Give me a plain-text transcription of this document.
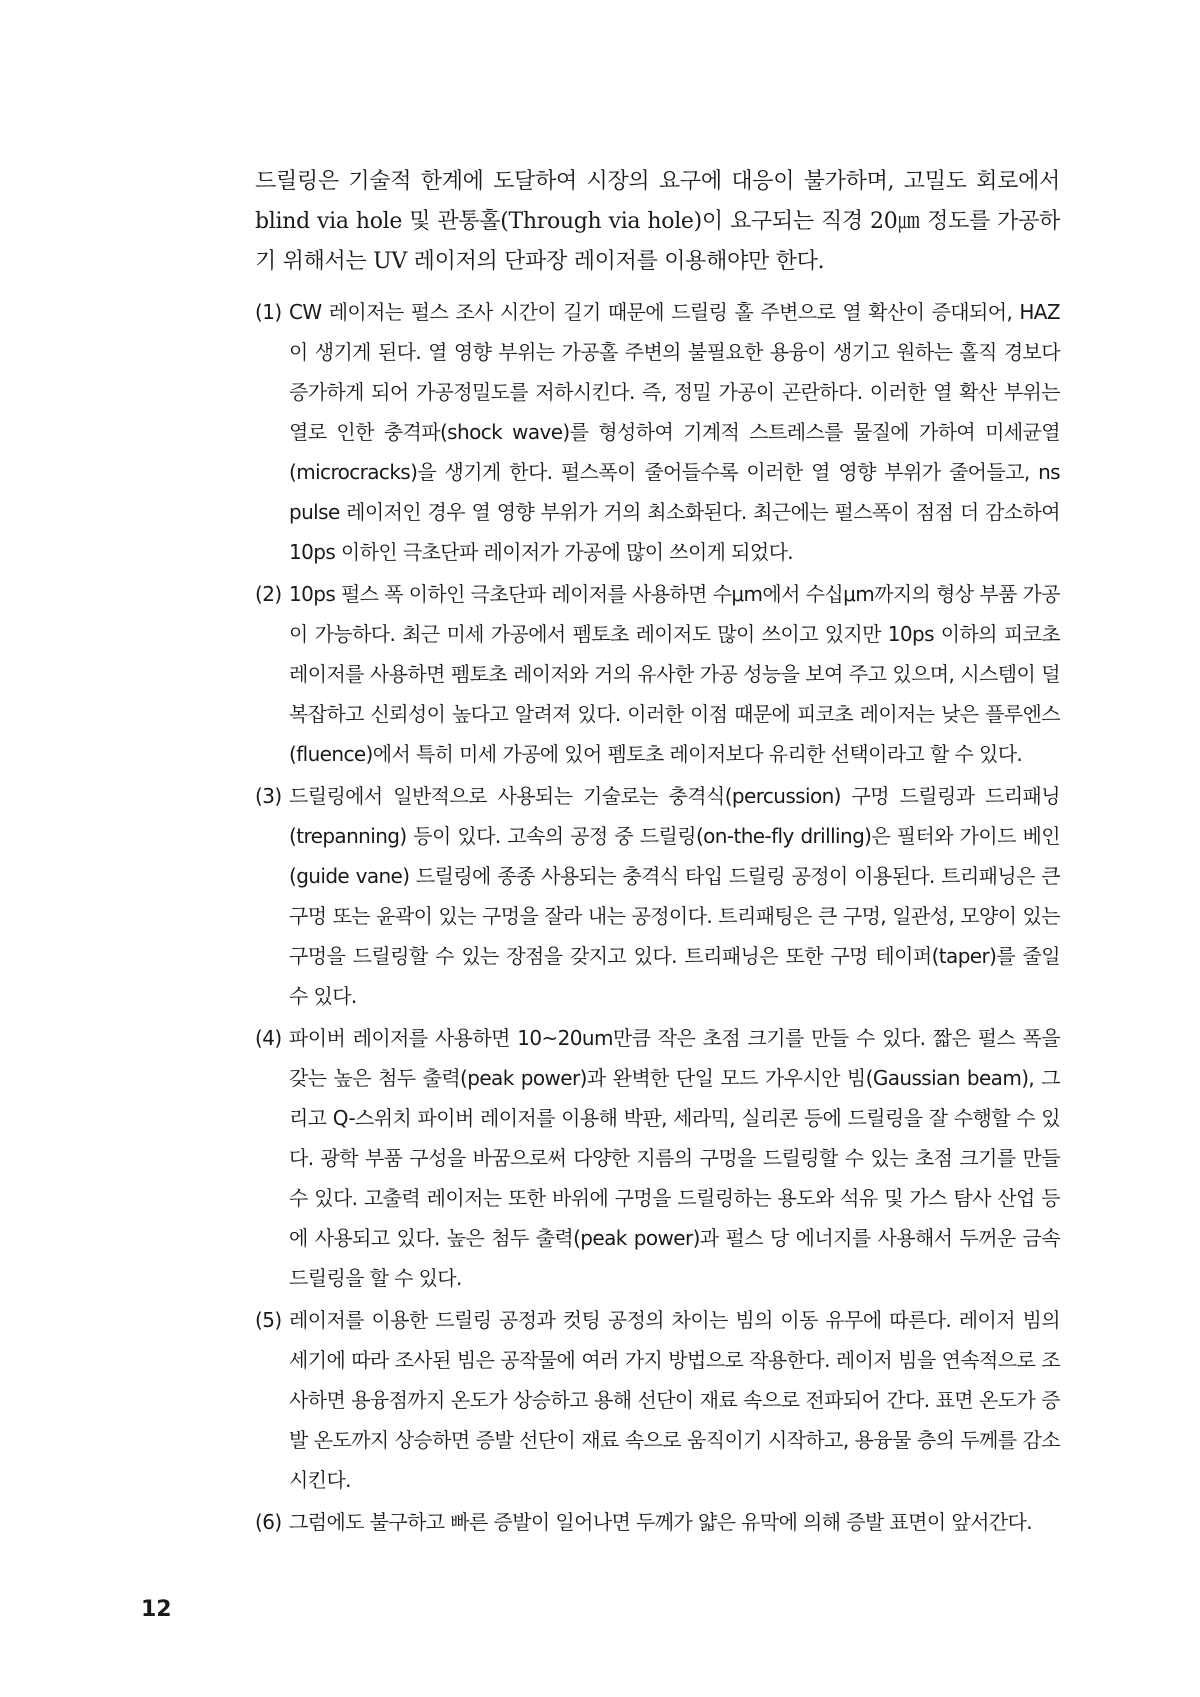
드릴링은 기술적 한계에 도달하여 시장의 요구에 대응이 불가하며, 고밀도 회로에서 blind via hole 및 관통홀(Through via hole)이 요구되는 직경 20㎛ 정도를 가공하기 위해서는 UV 레이저의 단파장 레이저를 이용해야만 한다.

(1) CW 레이저는 펄스 조사 시간이 길기 때문에 드릴링 홀 주변으로 열 확산이 증대되어, HAZ이 생기게 된다. 열 영향 부위는 가공홀 주변의 불필요한 용융이 생기고 원하는 홀직 경보다 증가하게 되어 가공정밀도를 저하시킨다. 즉, 정밀 가공이 곤란하다. 이러한 열 확산 부위는 열로 인한 충격파(shock wave)를 형성하여 기계적 스트레스를 물질에 가하여 미세균열(microcracks)을 생기게 한다. 펄스폭이 줄어들수록 이러한 열 영향 부위가 줄어들고, ns pulse 레이저인 경우 열 영향 부위가 거의 최소화된다. 최근에는 펄스폭이 점점 더 감소하여 10ps 이하인 극초단파 레이저가 가공에 많이 쓰이게 되었다.
(2) 10ps 펄스 폭 이하인 극초단파 레이저를 사용하면 수μm에서 수십μm까지의 형상 부품 가공이 가능하다. 최근 미세 가공에서 펨토초 레이저도 많이 쓰이고 있지만 10ps 이하의 피코초 레이저를 사용하면 펨토초 레이저와 거의 유사한 가공 성능을 보여 주고 있으며, 시스템이 덜 복잡하고 신뢰성이 높다고 알려져 있다. 이러한 이점 때문에 피코초 레이저는 낮은 플루엔스(fluence)에서 특히 미세 가공에 있어 펨토초 레이저보다 유리한 선택이라고 할 수 있다.
(3) 드릴링에서 일반적으로 사용되는 기술로는 충격식(percussion) 구멍 드릴링과 드리패닝(trepanning) 등이 있다. 고속의 공정 중 드릴링(on-the-fly drilling)은 필터와 가이드 베인(guide vane) 드릴링에 종종 사용되는 충격식 타입 드릴링 공정이 이용된다. 트리패닝은 큰 구멍 또는 윤곽이 있는 구멍을 잘라 내는 공정이다. 트리패팅은 큰 구멍, 일관성, 모양이 있는 구멍을 드릴링할 수 있는 장점을 갖지고 있다. 트리패닝은 또한 구멍 테이퍼(taper)를 줄일 수 있다.
(4) 파이버 레이저를 사용하면 10~20um만큼 작은 초점 크기를 만들 수 있다. 짧은 펄스 폭을 갖는 높은 첨두 출력(peak power)과 완벽한 단일 모드 가우시안 빔(Gaussian beam), 그리고 Q-스위치 파이버 레이저를 이용해 박판, 세라믹, 실리콘 등에 드릴링을 잘 수행할 수 있다. 광학 부품 구성을 바꿈으로써 다양한 지름의 구멍을 드릴링할 수 있는 초점 크기를 만들 수 있다. 고출력 레이저는 또한 바위에 구멍을 드릴링하는 용도와 석유 및 가스 탐사 산업 등에 사용되고 있다. 높은 첨두 출력(peak power)과 펄스 당 에너지를 사용해서 두꺼운 금속 드릴링을 할 수 있다.
(5) 레이저를 이용한 드릴링 공정과 컷팅 공정의 차이는 빔의 이동 유무에 따른다. 레이저 빔의 세기에 따라 조사된 빔은 공작물에 여러 가지 방법으로 작용한다. 레이저 빔을 연속적으로 조사하면 용융점까지 온도가 상승하고 용해 선단이 재료 속으로 전파되어 간다. 표면 온도가 증발 온도까지 상승하면 증발 선단이 재료 속으로 움직이기 시작하고, 용융물 층의 두께를 감소시킨다.
(6) 그럼에도 불구하고 빠른 증발이 일어나면 두께가 얇은 유막에 의해 증발 표면이 앞서간다.
12
